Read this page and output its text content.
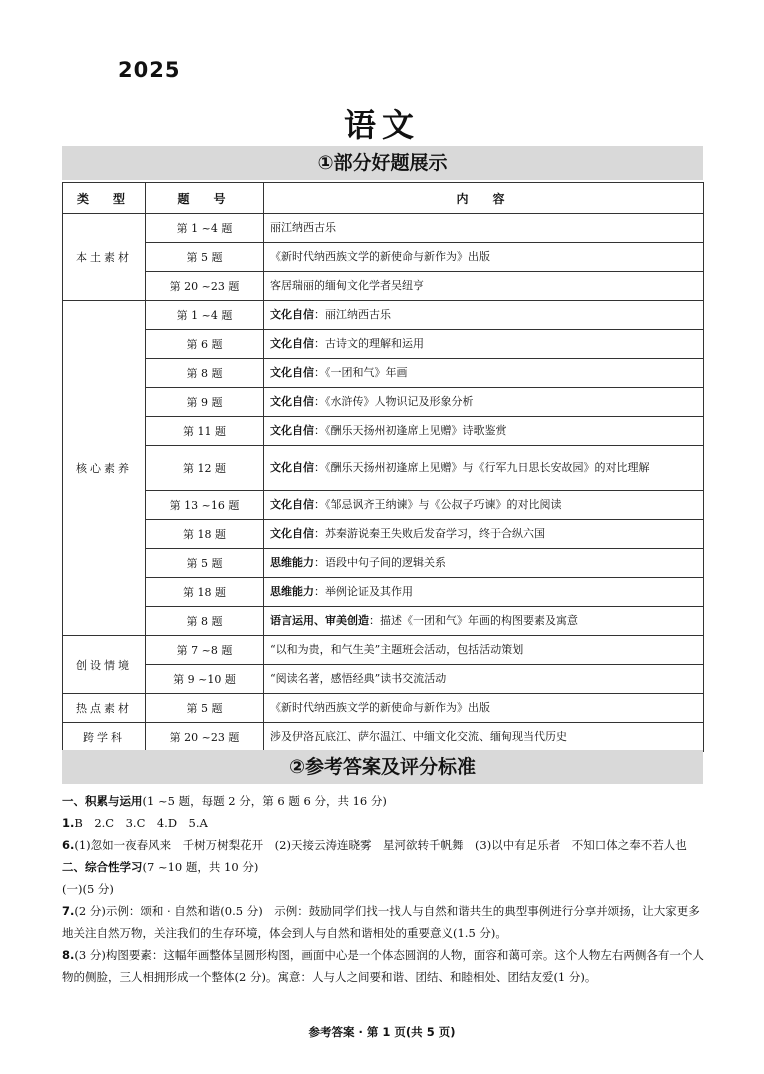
2025
语文
①部分好题展示
类　型	题　号	内　容
本土素材	第 1 ~4 题	丽江纳西古乐
	第 5 题	《新时代纳西族文学的新使命与新作为》出版
	第 20 ~23 题	客居瑞丽的缅甸文化学者吴纽亨
核心素养	第 1 ~4 题	文化自信：丽江纳西古乐
	第 6 题	文化自信：古诗文的理解和运用
	第 8 题	文化自信：《一团和气》年画
	第 9 题	文化自信：《水浒传》人物识记及形象分析
	第 11 题	文化自信：《酬乐天扬州初逢席上见赠》诗歌鉴赏
	第 12 题	文化自信：《酬乐天扬州初逢席上见赠》与《行军九日思长安故园》的对比理解
	第 13 ~16 题	文化自信：《邹忌讽齐王纳谏》与《公叔子巧谏》的对比阅读
	第 18 题	文化自信：苏秦游说秦王失败后发奋学习，终于合纵六国
	第 5 题	思维能力：语段中句子间的逻辑关系
	第 18 题	思维能力：举例论证及其作用
	第 8 题	语言运用、审美创造：描述《一团和气》年画的构图要素及寓意
创设情境	第 7 ~8 题	“以和为贵，和气生美”主题班会活动，包括活动策划
	第 9 ~10 题	“阅读名著，感悟经典”读书交流活动
热点素材	第 5 题	《新时代纳西族文学的新使命与新作为》出版
跨学科	第 20 ~23 题	涉及伊洛瓦底江、萨尔温江、中缅文化交流、缅甸现当代历史
②参考答案及评分标准
一、积累与运用(1 ~5 题，每题 2 分，第 6 题 6 分，共 16 分)
1.B　2.C　3.C　4.D　5.A
6.(1)忽如一夜春风来　千树万树梨花开　(2)天接云涛连晓雾　星河欲转千帆舞　(3)以中有足乐者　不知口体之奉不若人也
二、综合性学习(7 ~10 题，共 10 分)
(一)(5 分)
7.(2 分)示例：颂和 · 自然和谐(0.5 分)　示例：鼓励同学们找一找人与自然和谐共生的典型事例进行分享并颂扬，让大家更多地关注自然万物，关注我们的生存环境，体会到人与自然和谐相处的重要意义(1.5 分)。
8.(3 分)构图要素：这幅年画整体呈圆形构图，画面中心是一个体态圆润的人物，面容和蔼可亲。这个人物左右两侧各有一个人物的侧脸，三人相拥形成一个整体(2 分)。寓意：人与人之间要和谐、团结、和睦相处、团结友爱(1 分)。
参考答案 · 第 1 页(共 5 页)
